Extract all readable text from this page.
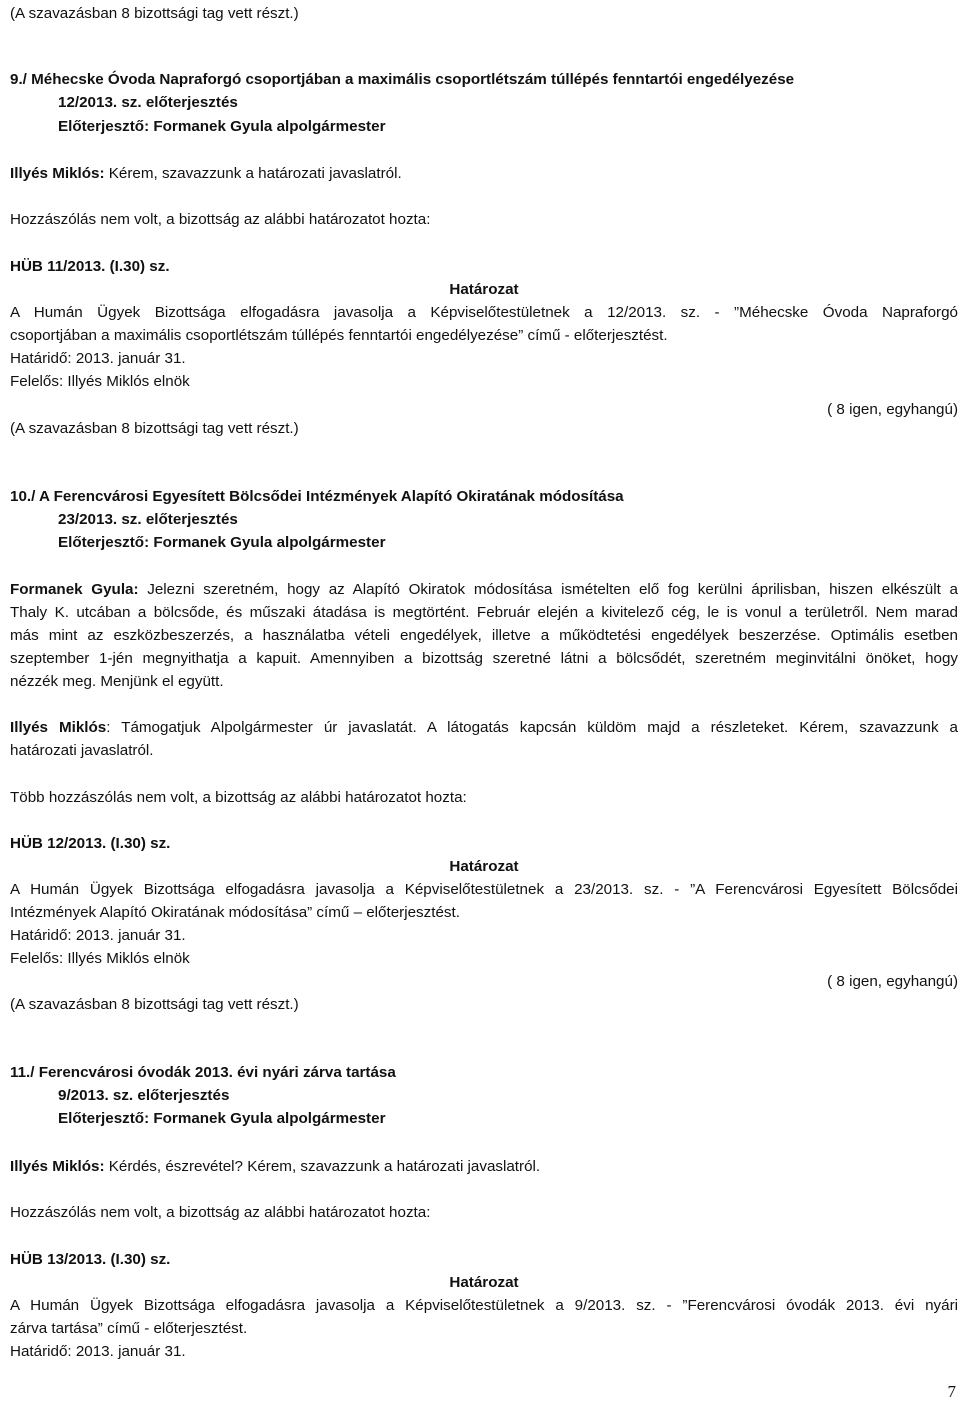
(A szavazásban 8 bizottsági tag vett részt.)
9./ Méhecske Óvoda Napraforgó csoportjában a maximális csoportlétszám túllépés fenntartói engedélyezése
12/2013. sz. előterjesztés
Előterjesztő: Formanek Gyula alpolgármester
Illyés Miklós: Kérem, szavazzunk a határozati javaslatról.
Hozzászólás nem volt, a bizottság az alábbi határozatot hozta:
HÜB 11/2013. (I.30) sz.
Határozat
A Humán Ügyek Bizottsága elfogadásra javasolja a Képviselőtestületnek a 12/2013. sz. - ”Méhecske Óvoda Napraforgó
csoportjában a maximális csoportlétszám túllépés fenntartói engedélyezése” című - előterjesztést.
Határidő: 2013. január 31.
Felelős: Illyés Miklós elnök
( 8 igen, egyhangú)
(A szavazásban 8 bizottsági tag vett részt.)
10./ A Ferencvárosi Egyesített Bölcsődei Intézmények Alapító Okiratának módosítása
23/2013. sz. előterjesztés
Előterjesztő: Formanek Gyula alpolgármester
Formanek Gyula: Jelezni szeretném, hogy az Alapító Okiratok módosítása ismételten elő fog kerülni áprilisban, hiszen elkészült a
Thaly K. utcában a bölcsőde, és műszaki átadása is megtörtént. Február elején a kivitelező cég, le is vonul a területről. Nem marad
más mint az eszközbeszerzés, a használatba vételi engedélyek, illetve a működtetési engedélyek beszerzése. Optimális esetben
szeptember 1-jén megnyithatja a kapuit. Amennyiben a bizottság szeretné látni a bölcsődét, szeretném meginvitálni önöket, hogy
nézzék meg. Menjünk el együtt.
Illyés Miklós: Támogatjuk Alpolgármester úr javaslatát. A látogatás kapcsán küldöm majd a részleteket. Kérem, szavazzunk a
határozati javaslatról.
Több hozzászólás nem volt, a bizottság az alábbi határozatot hozta:
HÜB 12/2013. (I.30) sz.
Határozat
A Humán Ügyek Bizottsága elfogadásra javasolja a Képviselőtestületnek a 23/2013. sz. - ”A Ferencvárosi Egyesített Bölcsődei
Intézmények Alapító Okiratának módosítása” című – előterjesztést.
Határidő: 2013. január 31.
Felelős: Illyés Miklós elnök
( 8 igen, egyhangú)
(A szavazásban 8 bizottsági tag vett részt.)
11./ Ferencvárosi óvodák 2013. évi nyári zárva tartása
9/2013. sz. előterjesztés
Előterjesztő: Formanek Gyula alpolgármester
Illyés Miklós: Kérdés, észrevétel? Kérem, szavazzunk a határozati javaslatról.
Hozzászólás nem volt, a bizottság az alábbi határozatot hozta:
HÜB 13/2013. (I.30) sz.
Határozat
A Humán Ügyek Bizottsága elfogadásra javasolja a Képviselőtestületnek a 9/2013. sz. - ”Ferencvárosi óvodák 2013. évi nyári
zárva tartása” című - előterjesztést.
Határidő: 2013. január 31.
7
